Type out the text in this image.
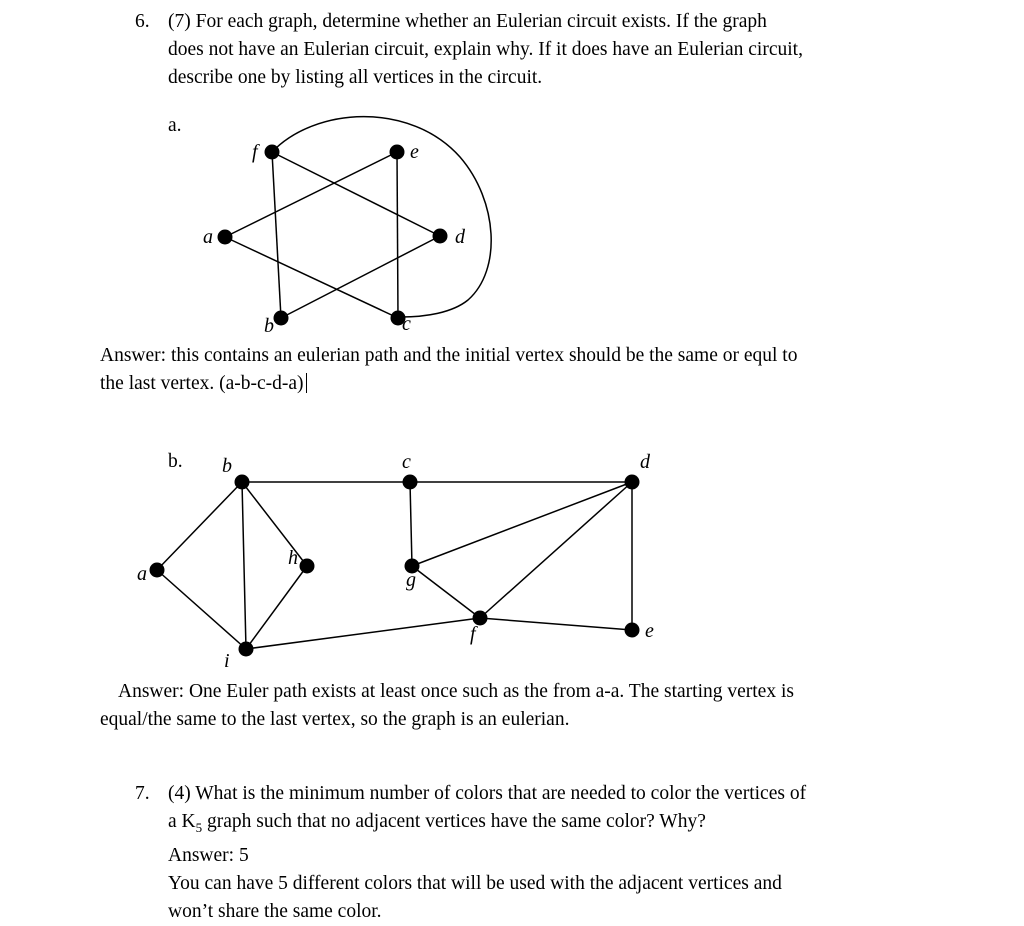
6. (7) For each graph, determine whether an Eulerian circuit exists. If the graph
does not have an Eulerian circuit, explain why. If it does have an Eulerian circuit,
describe one by listing all vertices in the circuit.
a.
f	e
a	d
b	c
Answer: this contains an eulerian path and the initial vertex should be the same or equl to
the last vertex. (a-b-c-d-a)
b. b	c	d
a
h
g
f
i
e
Answer: One Euler path exists at least once such as the from a-a. The starting vertex is
equal/the same to the last vertex, so the graph is an eulerian.
7. (4) What is the minimum number of colors that are needed to color the vertices of
a $K_5$ graph such that no adjacent vertices have the same color? Why?
Answer: 5
You can have 5 different colors that will be used with the adjacent vertices and
won’t share the same color.
